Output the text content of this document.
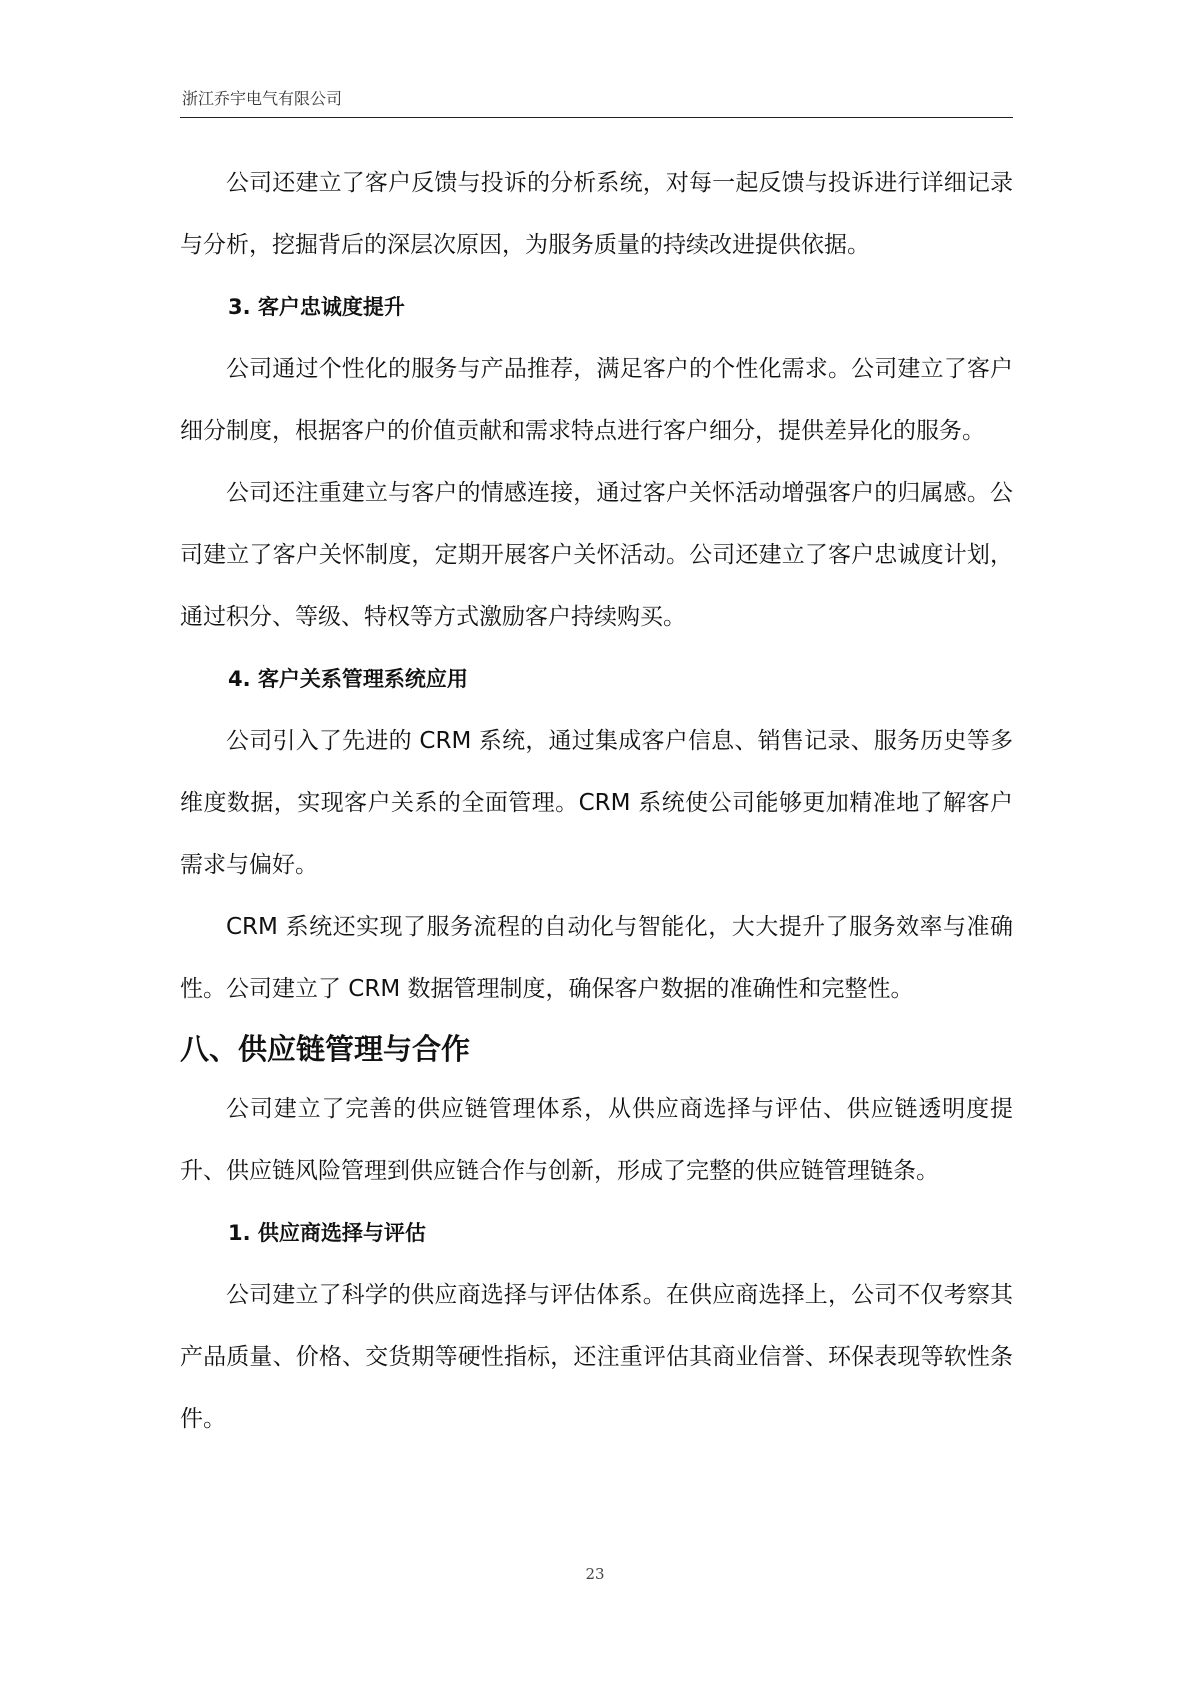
浙江乔宇电气有限公司

公司还建立了客户反馈与投诉的分析系统，对每一起反馈与投诉进行详细记录与分析，挖掘背后的深层次原因，为服务质量的持续改进提供依据。

3. 客户忠诚度提升

公司通过个性化的服务与产品推荐，满足客户的个性化需求。公司建立了客户细分制度，根据客户的价值贡献和需求特点进行客户细分，提供差异化的服务。

公司还注重建立与客户的情感连接，通过客户关怀活动增强客户的归属感。公司建立了客户关怀制度，定期开展客户关怀活动。公司还建立了客户忠诚度计划，通过积分、等级、特权等方式激励客户持续购买。

4. 客户关系管理系统应用

公司引入了先进的 CRM 系统，通过集成客户信息、销售记录、服务历史等多维度数据，实现客户关系的全面管理。CRM 系统使公司能够更加精准地了解客户需求与偏好。

CRM 系统还实现了服务流程的自动化与智能化，大大提升了服务效率与准确性。公司建立了 CRM 数据管理制度，确保客户数据的准确性和完整性。

八、供应链管理与合作

公司建立了完善的供应链管理体系，从供应商选择与评估、供应链透明度提升、供应链风险管理到供应链合作与创新，形成了完整的供应链管理链条。

1. 供应商选择与评估

公司建立了科学的供应商选择与评估体系。在供应商选择上，公司不仅考察其产品质量、价格、交货期等硬性指标，还注重评估其商业信誉、环保表现等软性条件。

23
